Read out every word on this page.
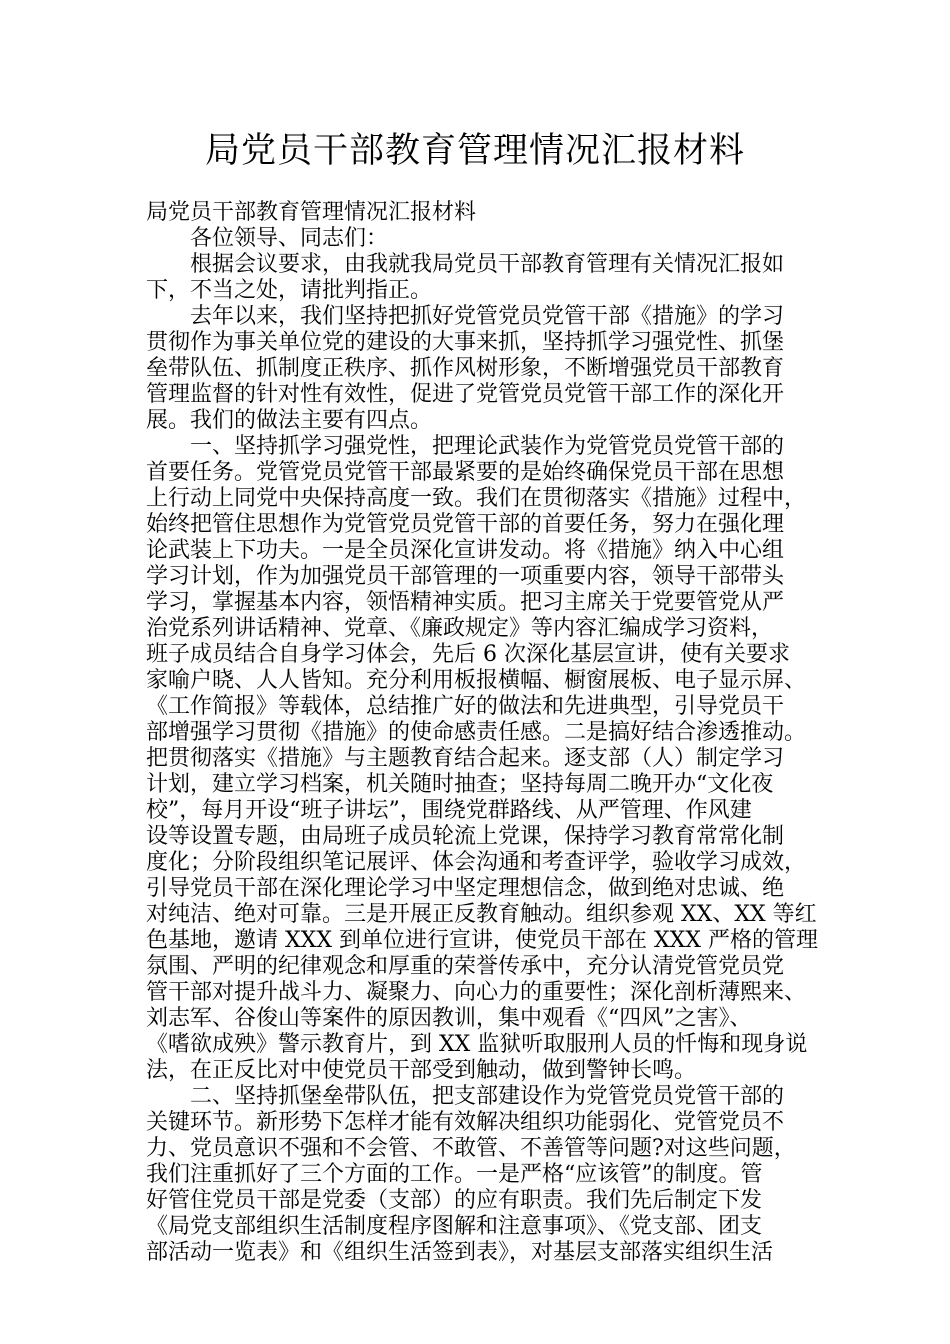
局党员干部教育管理情况汇报材料
局党员干部教育管理情况汇报材料
　　各位领导、同志们：
　　根据会议要求，由我就我局党员干部教育管理有关情况汇报如
下，不当之处，请批判指正。
　　去年以来，我们坚持把抓好党管党员党管干部《措施》的学习
贯彻作为事关单位党的建设的大事来抓，坚持抓学习强党性、抓堡
垒带队伍、抓制度正秩序、抓作风树形象，不断增强党员干部教育
管理监督的针对性有效性，促进了党管党员党管干部工作的深化开
展。我们的做法主要有四点。
　　一、坚持抓学习强党性，把理论武装作为党管党员党管干部的
首要任务。党管党员党管干部最紧要的是始终确保党员干部在思想
上行动上同党中央保持高度一致。我们在贯彻落实《措施》过程中，
始终把管住思想作为党管党员党管干部的首要任务，努力在强化理
论武装上下功夫。一是全员深化宣讲发动。将《措施》纳入中心组
学习计划，作为加强党员干部管理的一项重要内容，领导干部带头
学习，掌握基本内容，领悟精神实质。把习主席关于党要管党从严
治党系列讲话精神、党章、《廉政规定》等内容汇编成学习资料，
班子成员结合自身学习体会，先后 6 次深化基层宣讲，使有关要求
家喻户晓、人人皆知。充分利用板报横幅、橱窗展板、电子显示屏、
《工作简报》等载体，总结推广好的做法和先进典型，引导党员干
部增强学习贯彻《措施》的使命感责任感。二是搞好结合渗透推动。
把贯彻落实《措施》与主题教育结合起来。逐支部（人）制定学习
计划，建立学习档案，机关随时抽查；坚持每周二晚开办“文化夜
校”，每月开设“班子讲坛”，围绕党群路线、从严管理、作风建
设等设置专题，由局班子成员轮流上党课，保持学习教育常常化制
度化；分阶段组织笔记展评、体会沟通和考查评学，验收学习成效，
引导党员干部在深化理论学习中坚定理想信念，做到绝对忠诚、绝
对纯洁、绝对可靠。三是开展正反教育触动。组织参观 XX、XX 等红
色基地，邀请 XXX 到单位进行宣讲，使党员干部在 XXX 严格的管理
氛围、严明的纪律观念和厚重的荣誉传承中，充分认清党管党员党
管干部对提升战斗力、凝聚力、向心力的重要性；深化剖析薄熙来、
刘志军、谷俊山等案件的原因教训，集中观看《“四风”之害》、
《嗜欲成殃》警示教育片，到 XX 监狱听取服刑人员的忏悔和现身说
法，在正反比对中使党员干部受到触动，做到警钟长鸣。
　　二、坚持抓堡垒带队伍，把支部建设作为党管党员党管干部的
关键环节。新形势下怎样才能有效解决组织功能弱化、党管党员不
力、党员意识不强和不会管、不敢管、不善管等问题?对这些问题，
我们注重抓好了三个方面的工作。一是严格“应该管”的制度。管
好管住党员干部是党委（支部）的应有职责。我们先后制定下发
《局党支部组织生活制度程序图解和注意事项》、《党支部、团支
部活动一览表》和《组织生活签到表》，对基层支部落实组织生活
